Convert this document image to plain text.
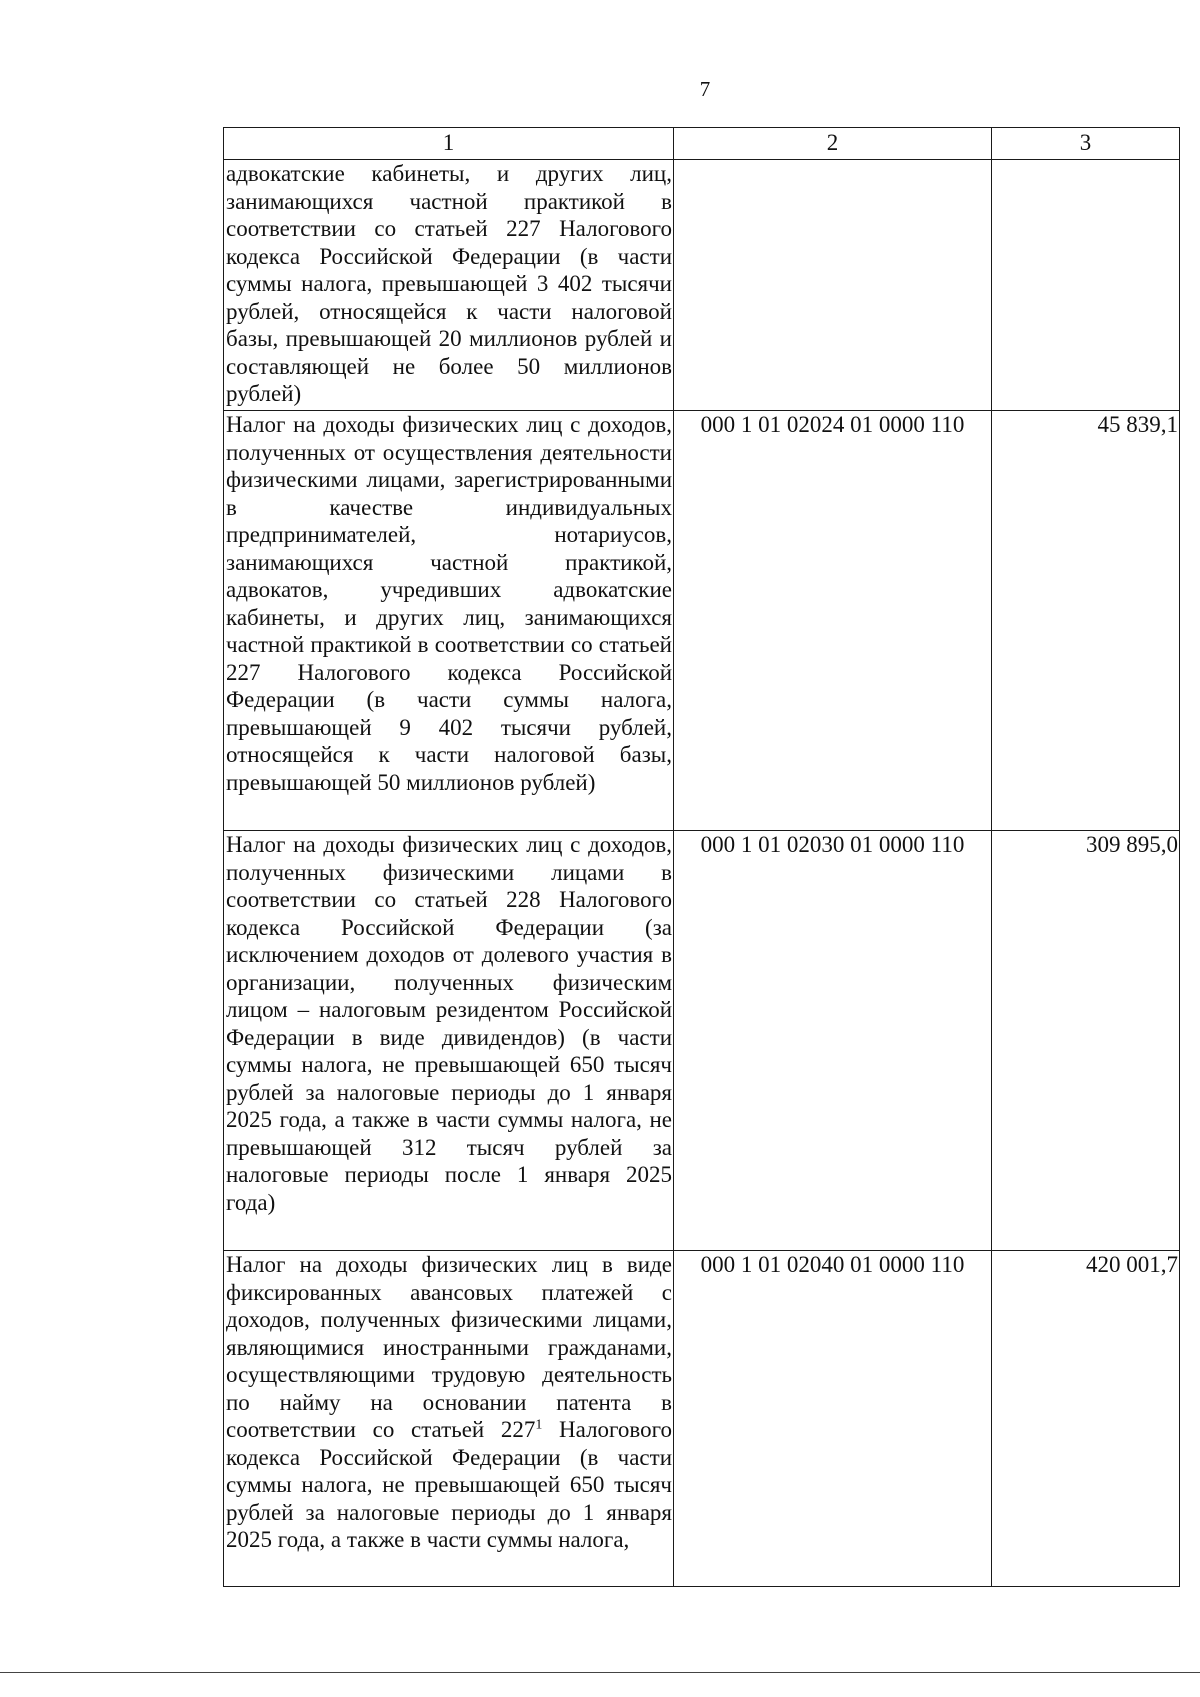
7
1	2	3
адвокатские кабинеты, и других лиц, занимающихся частной практикой в соответствии со статьей 227 Налогового кодекса Российской Федерации (в части суммы налога, превышающей 3 402 тысячи рублей, относящейся к части налоговой базы, превышающей 20 миллионов рублей и составляющей не более 50 миллионов рублей)		
Налог на доходы физических лиц с доходов, полученных от осуществления деятельности физическими лицами, зарегистрированными в качестве индивидуальных предпринимателей, нотариусов, занимающихся частной практикой, адвокатов, учредивших адвокатские кабинеты, и других лиц, занимающихся частной практикой в соответствии со статьей 227 Налогового кодекса Российской Федерации (в части суммы налога, превышающей 9 402 тысячи рублей, относящейся к части налоговой базы, превышающей 50 миллионов рублей)	000 1 01 02024 01 0000 110	45 839,1
Налог на доходы физических лиц с доходов, полученных физическими лицами в соответствии со статьей 228 Налогового кодекса Российской Федерации (за исключением доходов от долевого участия в организации, полученных физическим лицом – налоговым резидентом Российской Федерации в виде дивидендов) (в части суммы налога, не превышающей 650 тысяч рублей за налоговые периоды до 1 января 2025 года, а также в части суммы налога, не превышающей 312 тысяч рублей за налоговые периоды после 1 января 2025 года)	000 1 01 02030 01 0000 110	309 895,0
Налог на доходы физических лиц в виде фиксированных авансовых платежей с доходов, полученных физическими лицами, являющимися иностранными гражданами, осуществляющими трудовую деятельность по найму на основании патента в соответствии со статьей $227^1$ Налогового кодекса Российской Федерации (в части суммы налога, не превышающей 650 тысяч рублей за налоговые периоды до 1 января 2025 года, а также в части суммы налога,	000 1 01 02040 01 0000 110	420 001,7
